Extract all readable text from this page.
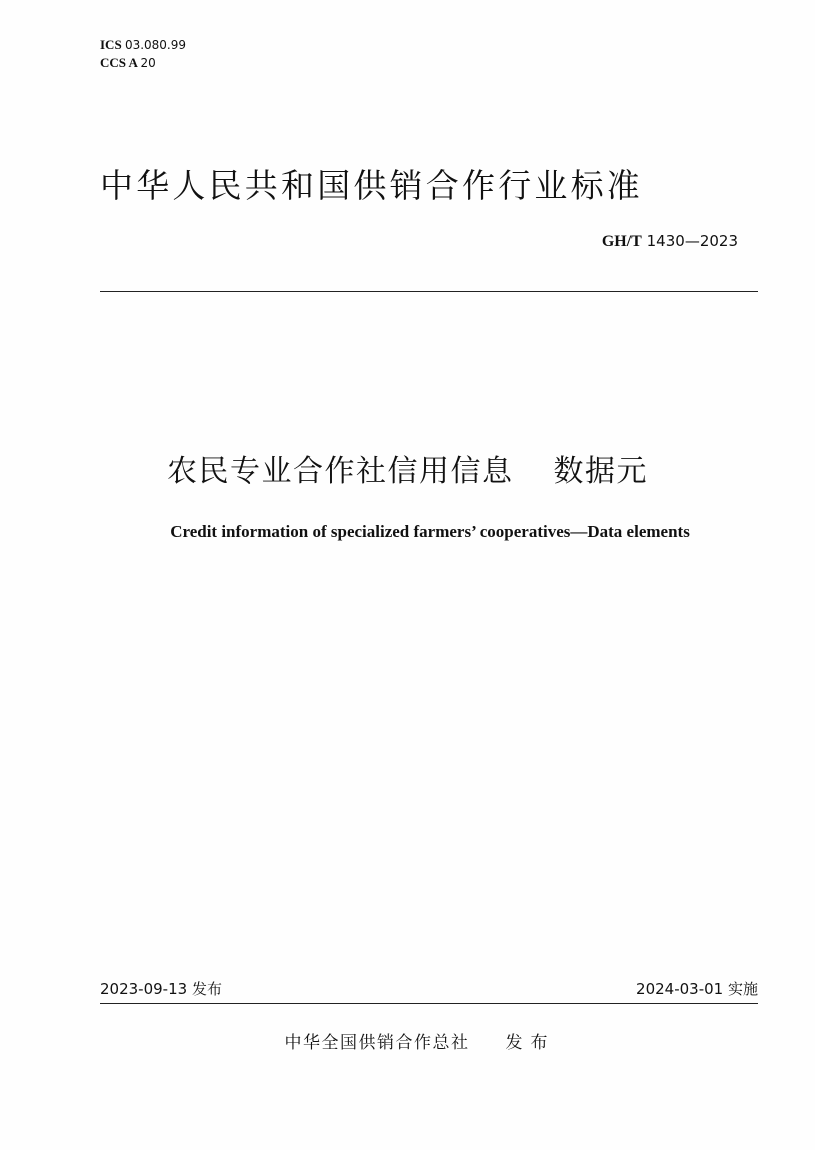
ICS 03.080.99
CCS A 20
中华人民共和国供销合作行业标准
GH/T 1430—2023
农民专业合作社信用信息 数据元
Credit information of specialized farmers’ cooperatives—Data elements
2023-09-13 发布	2024-03-01 实施
中华全国供销合作总社 发布
